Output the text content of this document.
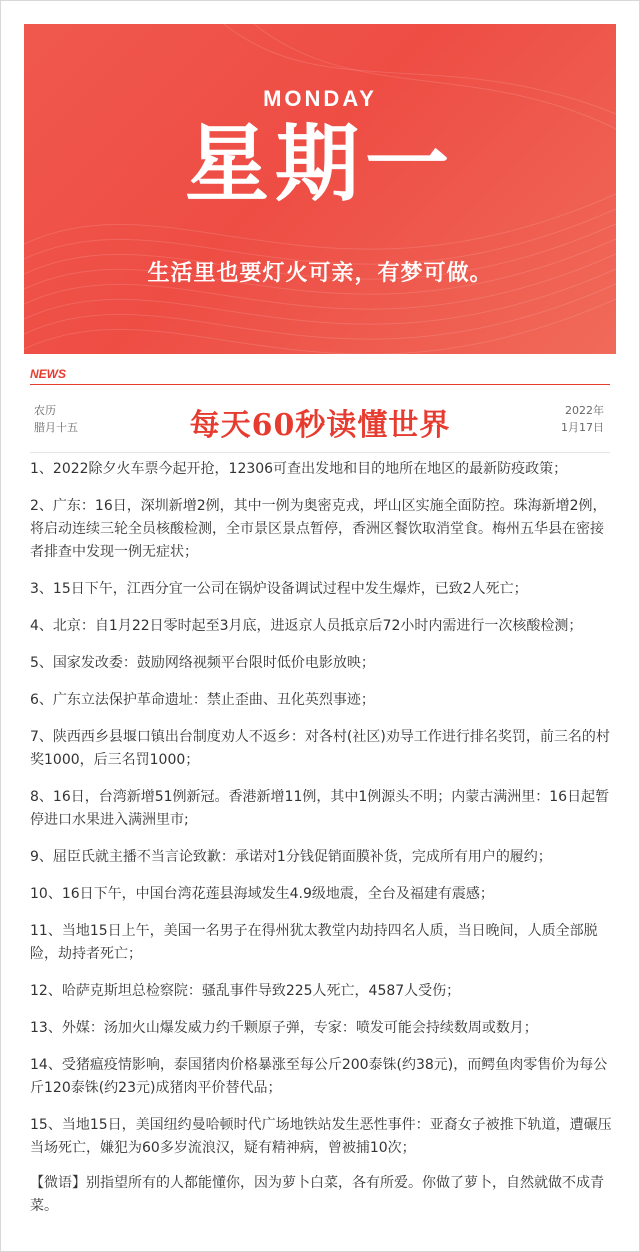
MONDAY
星期一
生活里也要灯火可亲，有梦可做。
NEWS
农历
腊月十五	每天60秒读懂世界	2022年
1月17日
1、2022除夕火车票今起开抢，12306可查出发地和目的地所在地区的最新防疫政策；
2、广东：16日，深圳新增2例，其中一例为奥密克戎，坪山区实施全面防控。珠海新增2例，将启动连续三轮全员核酸检测，全市景区景点暂停，香洲区餐饮取消堂食。梅州五华县在密接者排查中发现一例无症状；
3、15日下午，江西分宜一公司在锅炉设备调试过程中发生爆炸，已致2人死亡；
4、北京：自1月22日零时起至3月底，进返京人员抵京后72小时内需进行一次核酸检测；
5、国家发改委：鼓励网络视频平台限时低价电影放映；
6、广东立法保护革命遗址：禁止歪曲、丑化英烈事迹；
7、陕西西乡县堰口镇出台制度劝人不返乡：对各村(社区)劝导工作进行排名奖罚，前三名的村奖1000，后三名罚1000；
8、16日，台湾新增51例新冠。香港新增11例，其中1例源头不明；内蒙古满洲里：16日起暂停进口水果进入满洲里市;
9、屈臣氏就主播不当言论致歉：承诺对1分钱促销面膜补货，完成所有用户的履约；
10、16日下午，中国台湾花莲县海域发生4.9级地震，全台及福建有震感；
11、当地15日上午，美国一名男子在得州犹太教堂内劫持四名人质，当日晚间，人质全部脱险，劫持者死亡；
12、哈萨克斯坦总检察院：骚乱事件导致225人死亡，4587人受伤；
13、外媒：汤加火山爆发威力约千颗原子弹，专家：喷发可能会持续数周或数月；
14、受猪瘟疫情影响，泰国猪肉价格暴涨至每公斤200泰铢(约38元)，而鳄鱼肉零售价为每公斤120泰铢(约23元)成猪肉平价替代品；
15、当地15日，美国纽约曼哈顿时代广场地铁站发生恶性事件：亚裔女子被推下轨道，遭碾压当场死亡，嫌犯为60多岁流浪汉，疑有精神病，曾被捕10次；
【微语】别指望所有的人都能懂你，因为萝卜白菜，各有所爱。你做了萝卜，自然就做不成青菜。
